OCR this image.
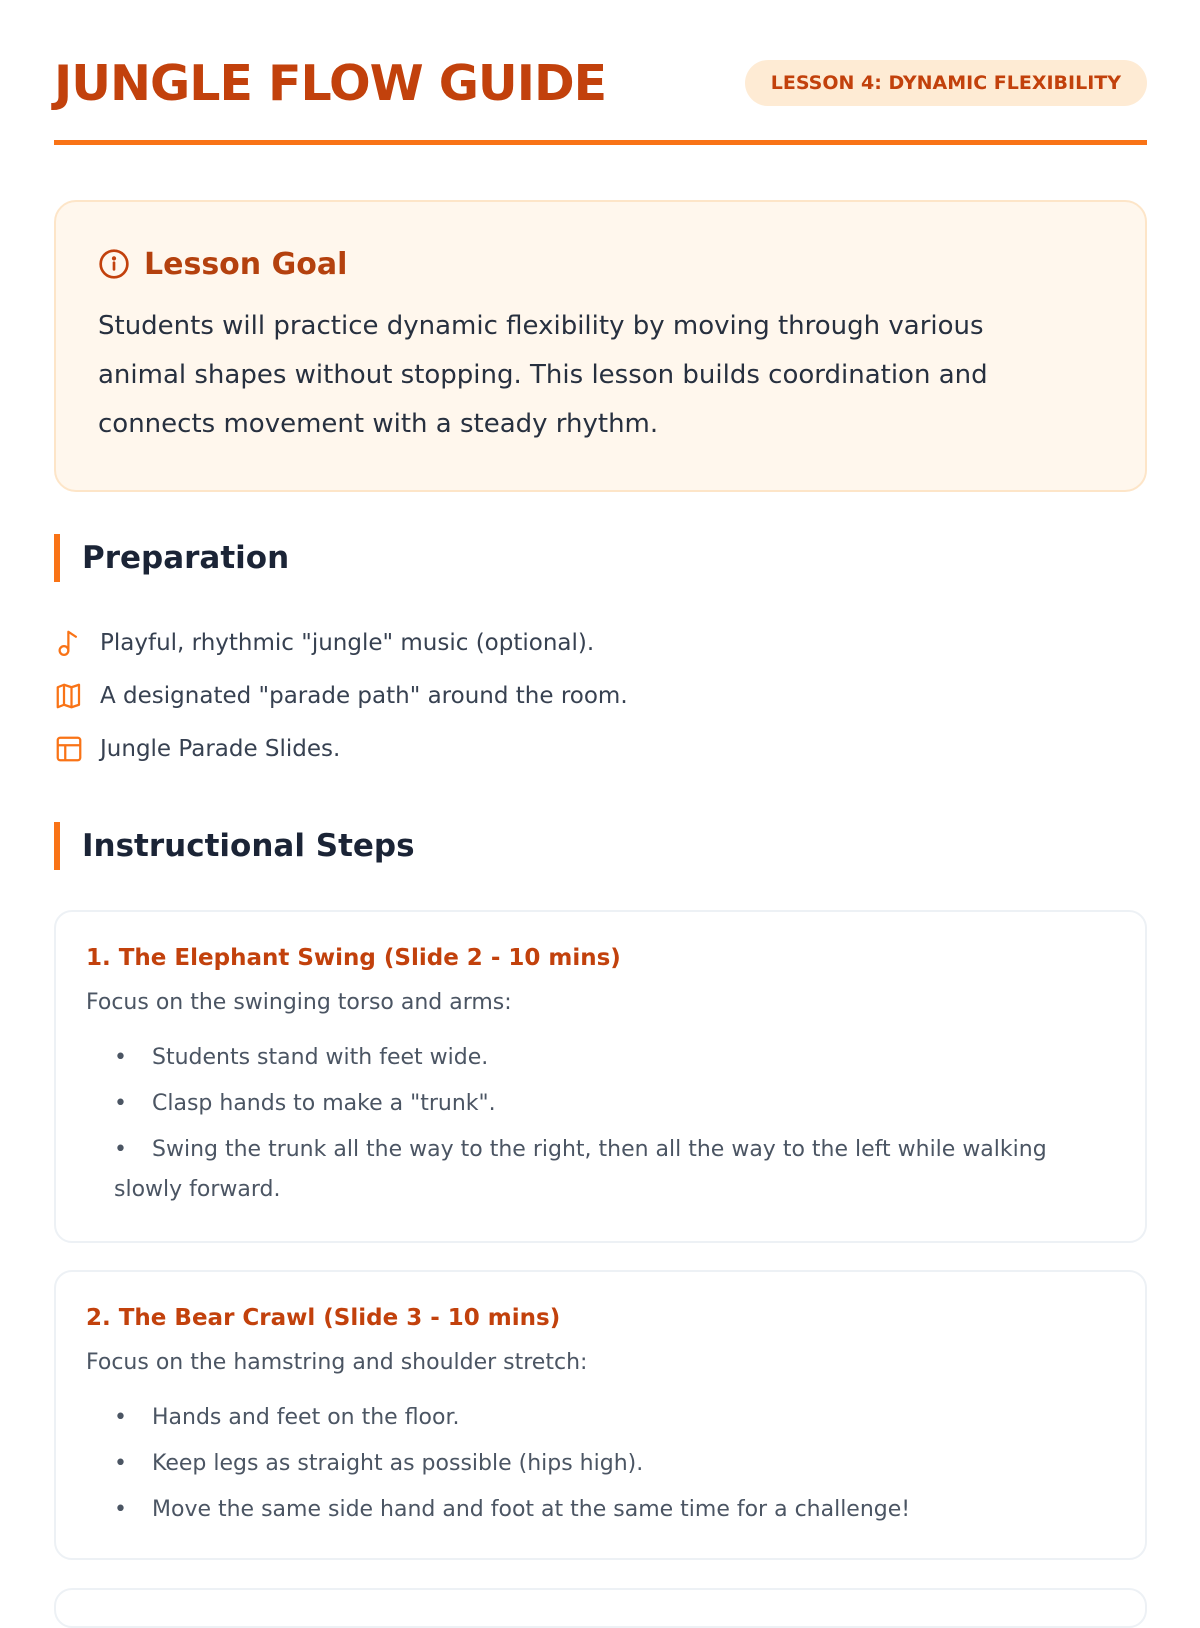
JUNGLE FLOW GUIDE	LESSON 4: DYNAMIC FLEXIBILITY
Lesson Goal
Students will practice dynamic flexibility by moving through various animal shapes without stopping. This lesson builds coordination and connects movement with a steady rhythm.
Preparation
Playful, rhythmic "jungle" music (optional).
A designated "parade path" around the room.
Jungle Parade Slides.
Instructional Steps
1. The Elephant Swing (Slide 2 - 10 mins)
Focus on the swinging torso and arms:
• Students stand with feet wide.
• Clasp hands to make a "trunk".
• Swing the trunk all the way to the right, then all the way to the left while walking slowly forward.
2. The Bear Crawl (Slide 3 - 10 mins)
Focus on the hamstring and shoulder stretch:
• Hands and feet on the floor.
• Keep legs as straight as possible (hips high).
• Move the same side hand and foot at the same time for a challenge!
